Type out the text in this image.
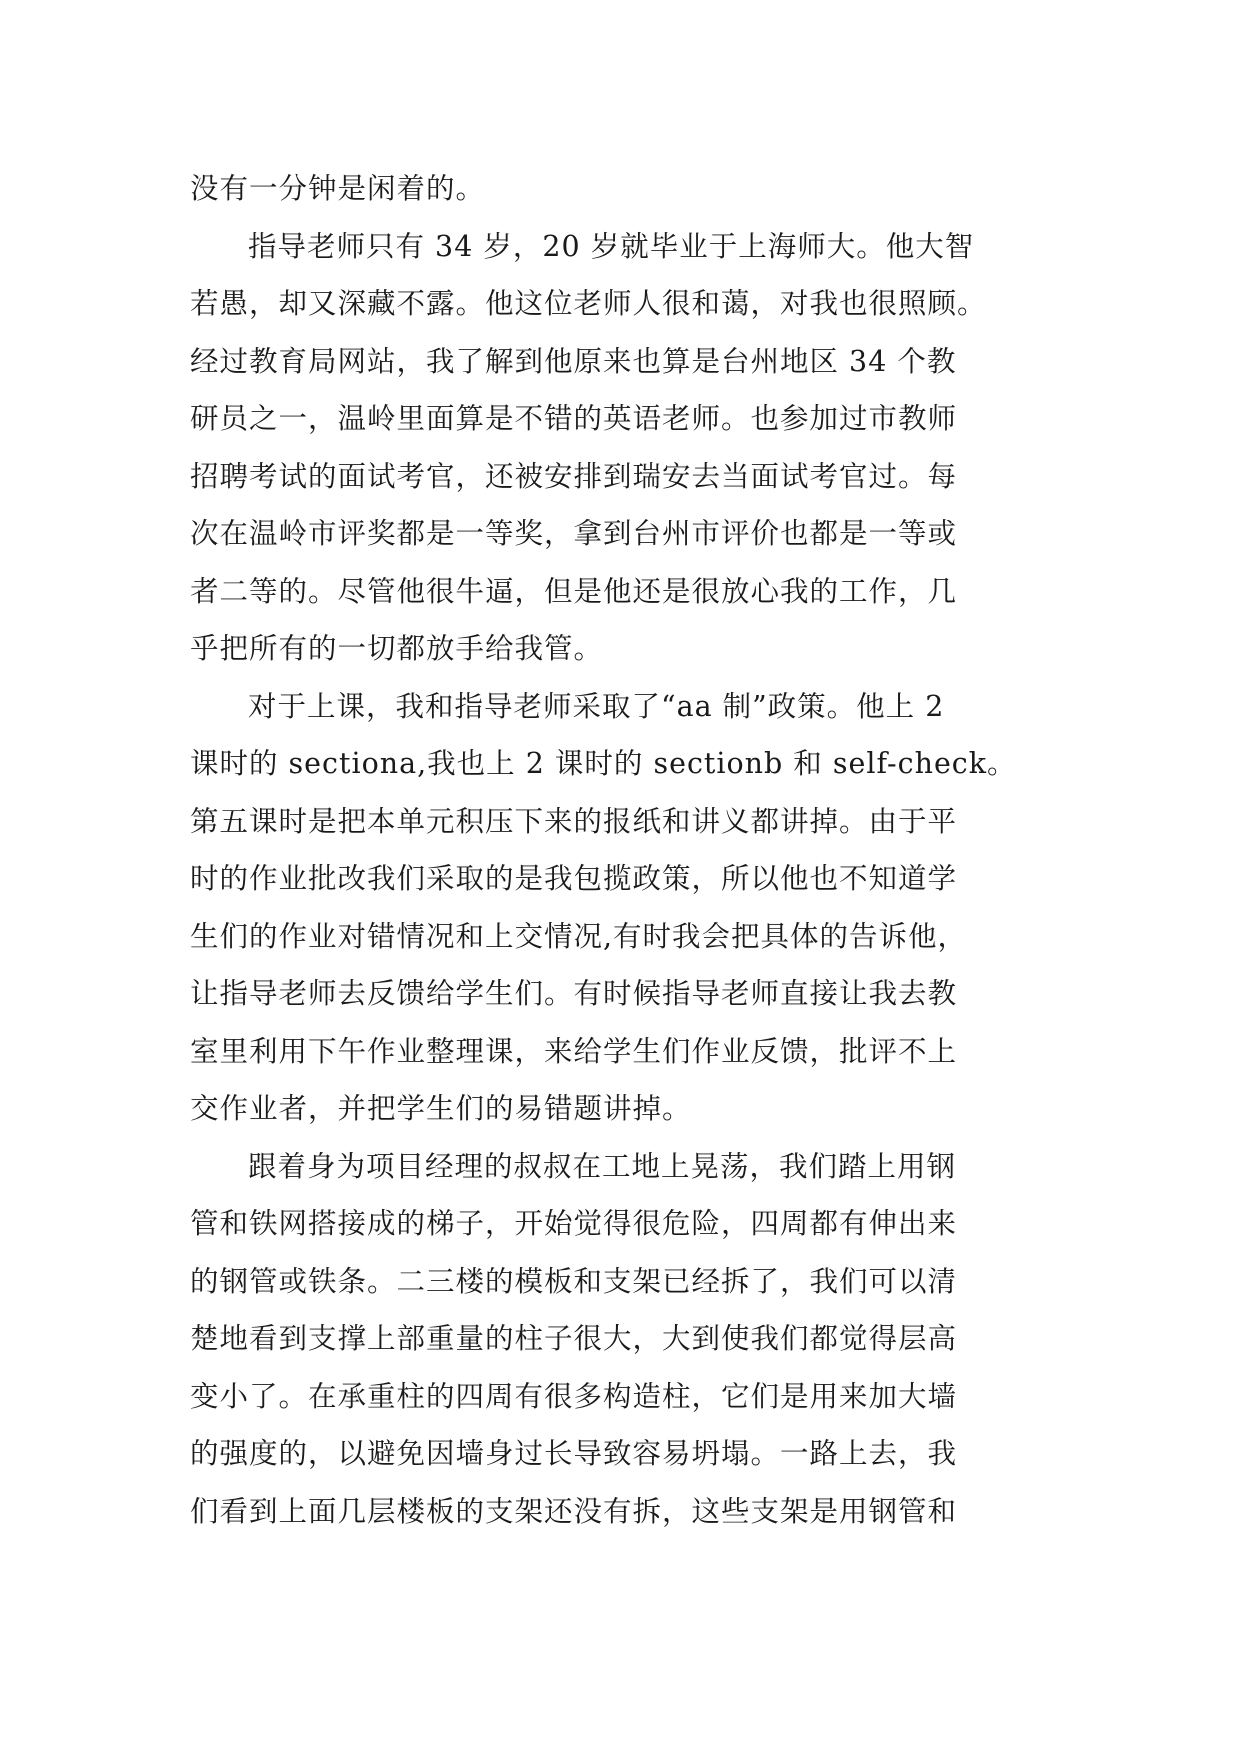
没有一分钟是闲着的。
指导老师只有 34 岁，20 岁就毕业于上海师大。他大智
若愚，却又深藏不露。他这位老师人很和蔼，对我也很照顾。
经过教育局网站，我了解到他原来也算是台州地区 34 个教
研员之一，温岭里面算是不错的英语老师。也参加过市教师
招聘考试的面试考官，还被安排到瑞安去当面试考官过。每
次在温岭市评奖都是一等奖，拿到台州市评价也都是一等或
者二等的。尽管他很牛逼，但是他还是很放心我的工作，几
乎把所有的一切都放手给我管。
对于上课，我和指导老师采取了“aa 制”政策。他上 2
课时的 sectiona,我也上 2 课时的 sectionb 和 self-check。
第五课时是把本单元积压下来的报纸和讲义都讲掉。由于平
时的作业批改我们采取的是我包揽政策，所以他也不知道学
生们的作业对错情况和上交情况,有时我会把具体的告诉他，
让指导老师去反馈给学生们。有时候指导老师直接让我去教
室里利用下午作业整理课，来给学生们作业反馈，批评不上
交作业者，并把学生们的易错题讲掉。
跟着身为项目经理的叔叔在工地上晃荡，我们踏上用钢
管和铁网搭接成的梯子，开始觉得很危险，四周都有伸出来
的钢管或铁条。二三楼的模板和支架已经拆了，我们可以清
楚地看到支撑上部重量的柱子很大，大到使我们都觉得层高
变小了。在承重柱的四周有很多构造柱，它们是用来加大墙
的强度的，以避免因墙身过长导致容易坍塌。一路上去，我
们看到上面几层楼板的支架还没有拆，这些支架是用钢管和
